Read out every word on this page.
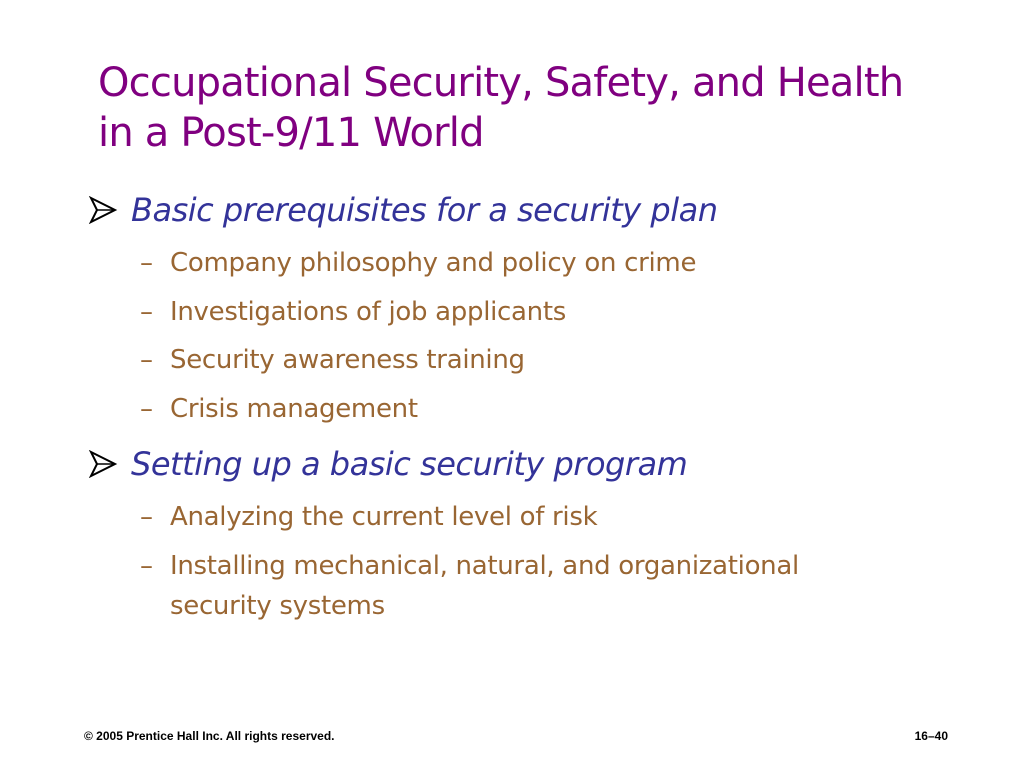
Occupational Security, Safety, and Health
in a Post-9/11 World
Basic prerequisites for a security plan
– Company philosophy and policy on crime
– Investigations of job applicants
– Security awareness training
– Crisis management
Setting up a basic security program
– Analyzing the current level of risk
– Installing mechanical, natural, and organizational
security systems
© 2005 Prentice Hall Inc. All rights reserved.	16–40
